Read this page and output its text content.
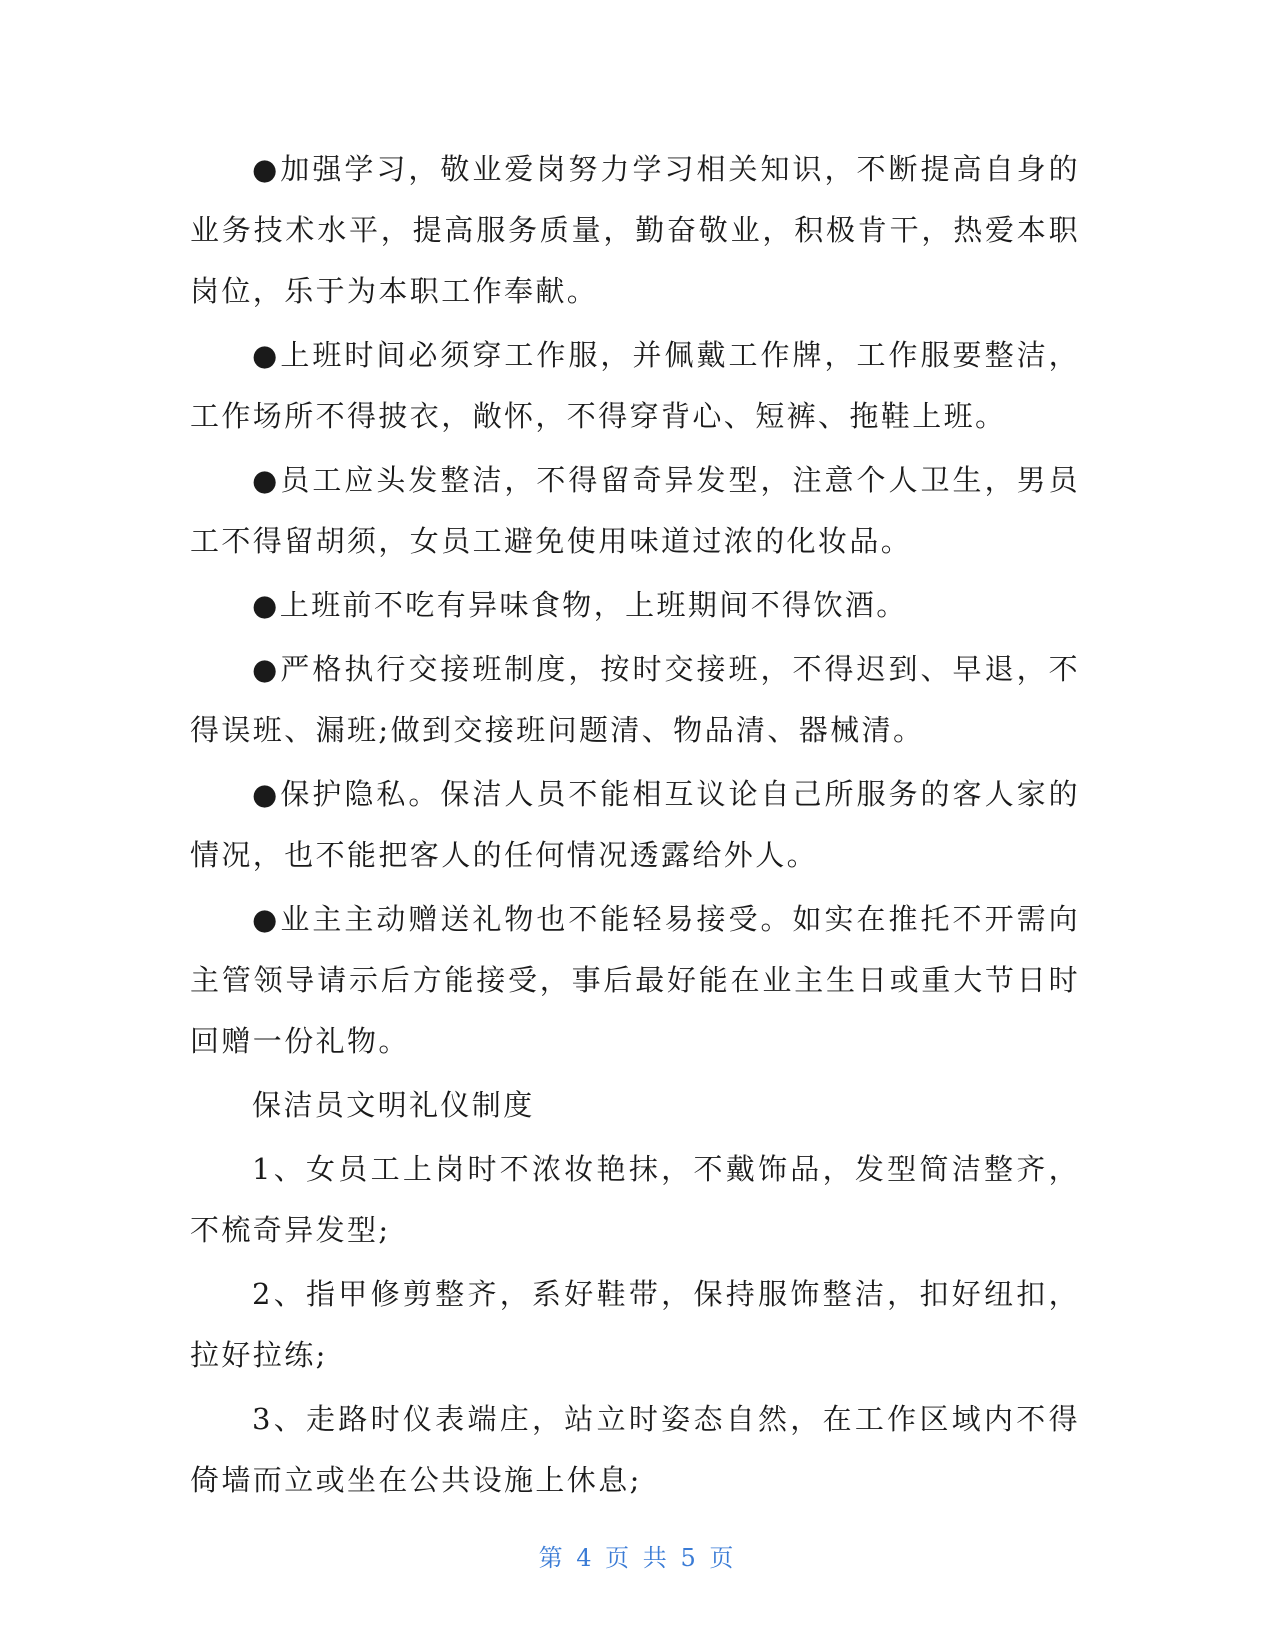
●加强学习，敬业爱岗努力学习相关知识，不断提高自身的业务技术水平，提高服务质量，勤奋敬业，积极肯干，热爱本职岗位，乐于为本职工作奉献。

●上班时间必须穿工作服，并佩戴工作牌，工作服要整洁，工作场所不得披衣，敞怀，不得穿背心、短裤、拖鞋上班。

●员工应头发整洁，不得留奇异发型，注意个人卫生，男员工不得留胡须，女员工避免使用味道过浓的化妆品。

●上班前不吃有异味食物，上班期间不得饮酒。

●严格执行交接班制度，按时交接班，不得迟到、早退，不得误班、漏班;做到交接班问题清、物品清、器械清。

●保护隐私。保洁人员不能相互议论自己所服务的客人家的情况，也不能把客人的任何情况透露给外人。

●业主主动赠送礼物也不能轻易接受。如实在推托不开需向主管领导请示后方能接受，事后最好能在业主生日或重大节日时回赠一份礼物。

保洁员文明礼仪制度

1、女员工上岗时不浓妆艳抹，不戴饰品，发型简洁整齐，不梳奇异发型;

2、指甲修剪整齐，系好鞋带，保持服饰整洁，扣好纽扣，拉好拉练;

3、走路时仪表端庄，站立时姿态自然，在工作区域内不得倚墙而立或坐在公共设施上休息;

第 4 页 共 5 页
